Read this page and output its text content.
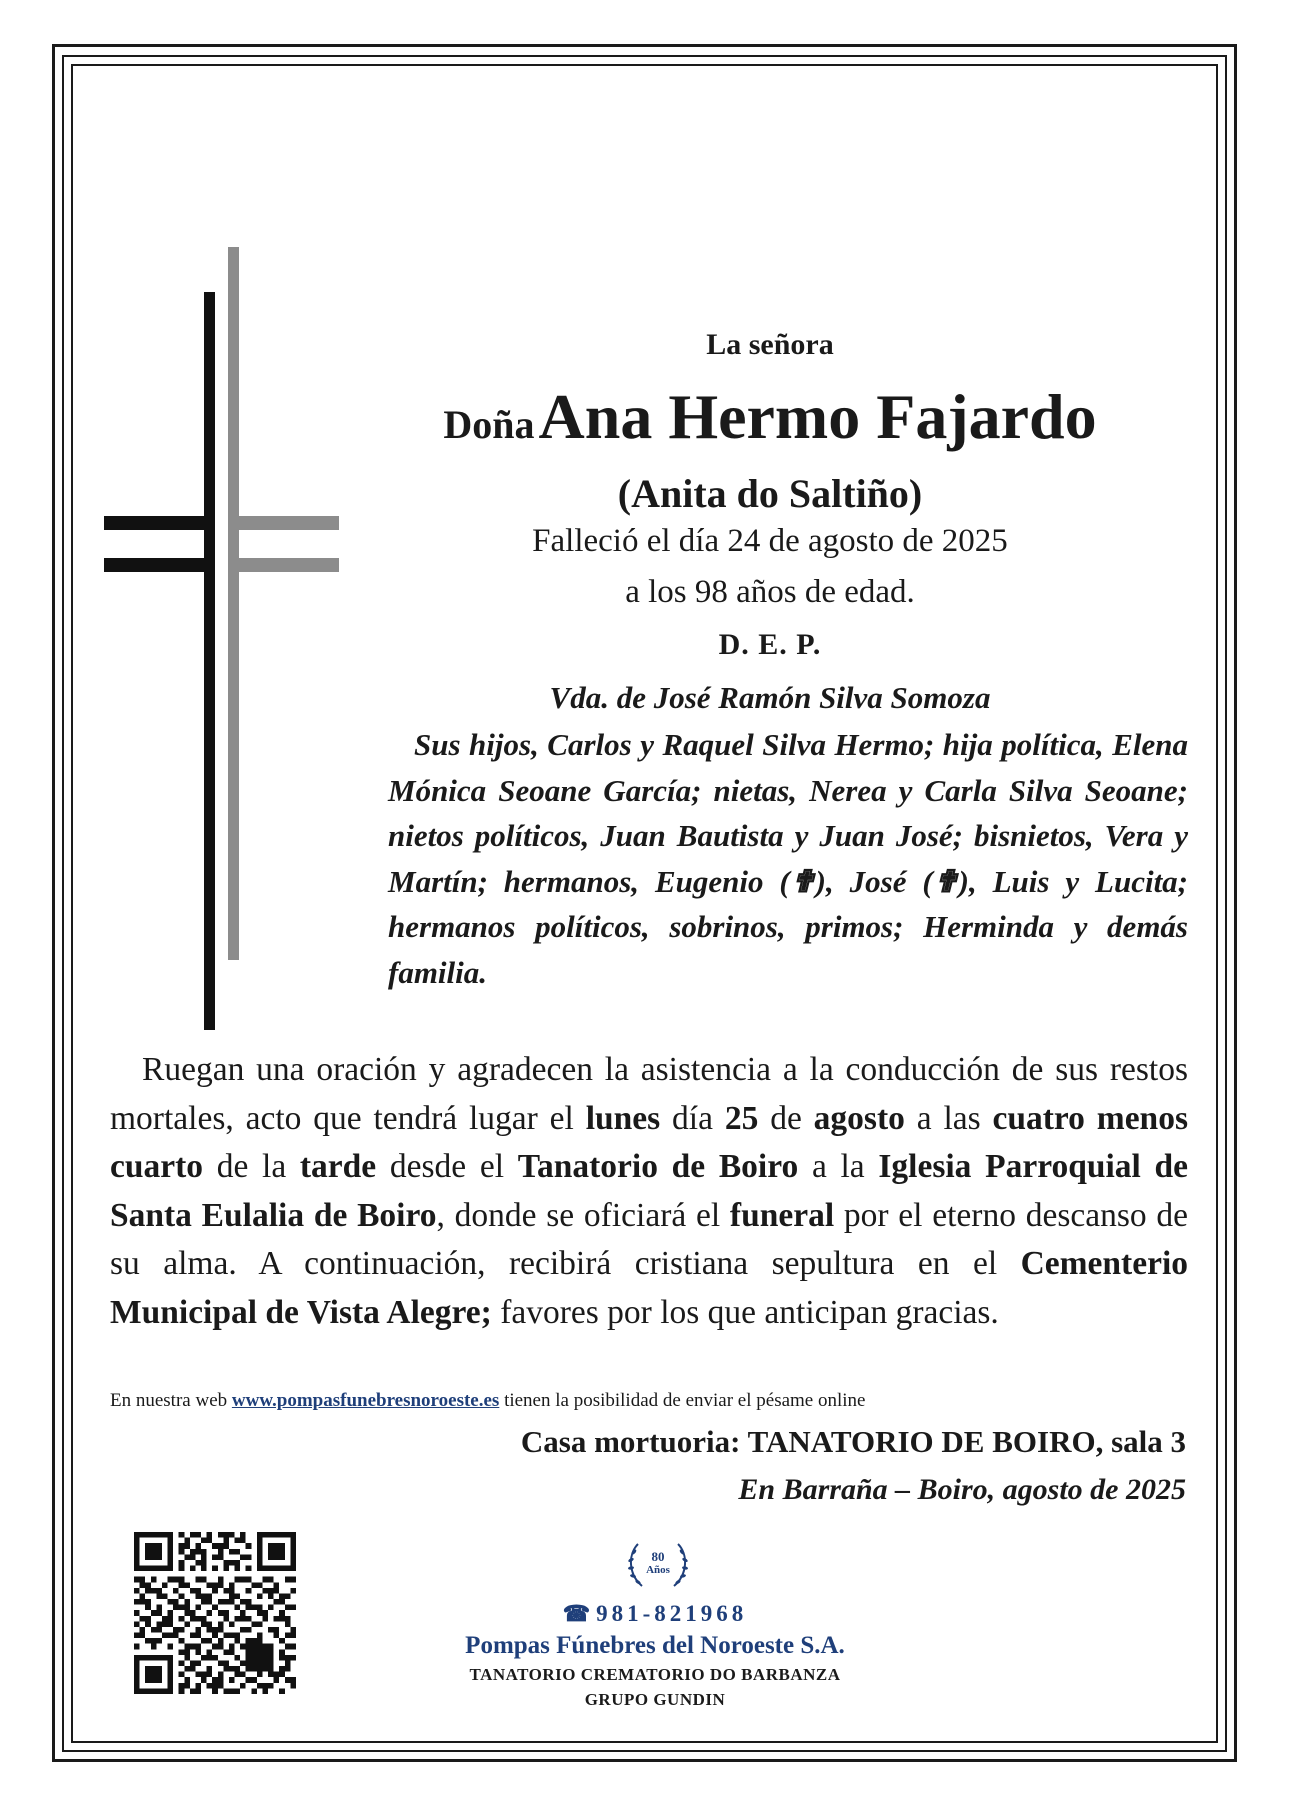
La señora
Doña Ana Hermo Fajardo
(Anita do Saltiño)
Falleció el día 24 de agosto de 2025
a los 98 años de edad.
D. E. P.
Vda. de José Ramón Silva Somoza

Sus hijos, Carlos y Raquel Silva Hermo; hija política, Elena Mónica Seoane García; nietas, Nerea y Carla Silva Seoane; nietos políticos, Juan Bautista y Juan José; bisnietos, Vera y Martín; hermanos, Eugenio (✟), José (✟), Luis y Lucita; hermanos políticos, sobrinos, primos; Herminda y demás familia.

Ruegan una oración y agradecen la asistencia a la conducción de sus restos mortales, acto que tendrá lugar el lunes día 25 de agosto a las cuatro menos cuarto de la tarde desde el Tanatorio de Boiro a la Iglesia Parroquial de Santa Eulalia de Boiro, donde se oficiará el funeral por el eterno descanso de su alma. A continuación, recibirá cristiana sepultura en el Cementerio Municipal de Vista Alegre; favores por los que anticipan gracias.

En nuestra web www.pompasfunebresnoroeste.es tienen la posibilidad de enviar el pésame online
Casa mortuoria: TANATORIO DE BOIRO, sala 3
En Barraña – Boiro, agosto de 2025
80
Años
☎ 981-821968
Pompas Fúnebres del Noroeste S.A.
TANATORIO CREMATORIO DO BARBANZA
GRUPO GUNDIN
